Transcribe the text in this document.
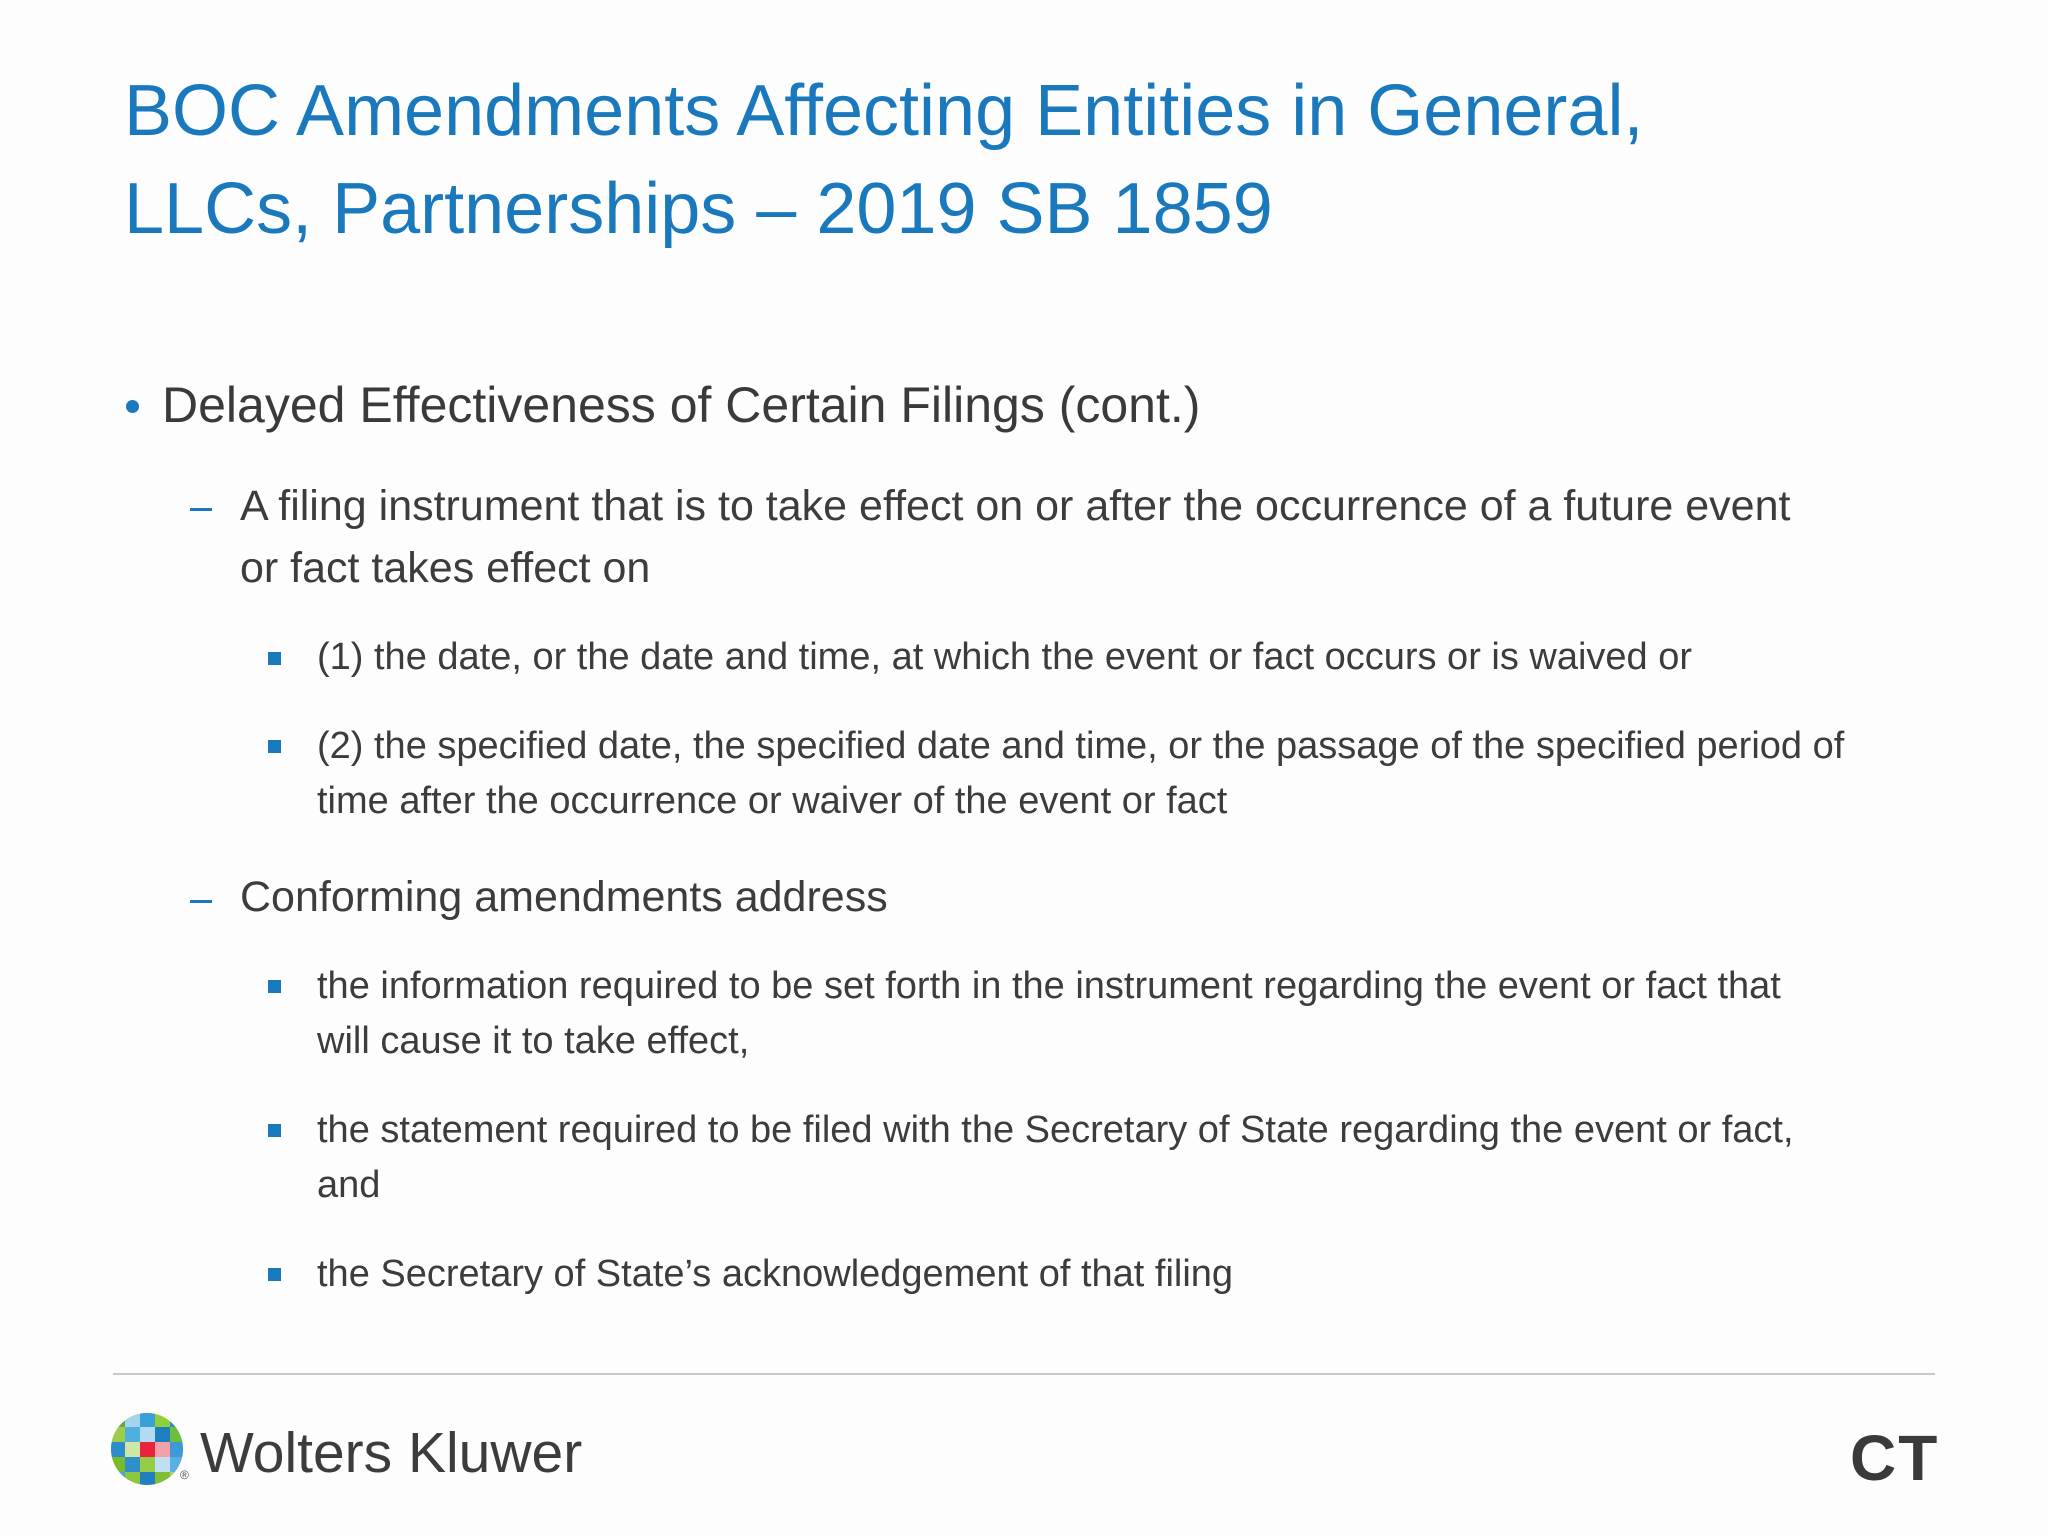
BOC Amendments Affecting Entities in General,
LLCs, Partnerships – 2019 SB 1859
Delayed Effectiveness of Certain Filings (cont.)
A filing instrument that is to take effect on or after the occurrence of a future event
or fact takes effect on
(1) the date, or the date and time, at which the event or fact occurs or is waived or
(2) the specified date, the specified date and time, or the passage of the specified period of
time after the occurrence or waiver of the event or fact
Conforming amendments address
the information required to be set forth in the instrument regarding the event or fact that
will cause it to take effect,
the statement required to be filed with the Secretary of State regarding the event or fact,
and
the Secretary of State’s acknowledgement of that filing
® Wolters Kluwer	CT
